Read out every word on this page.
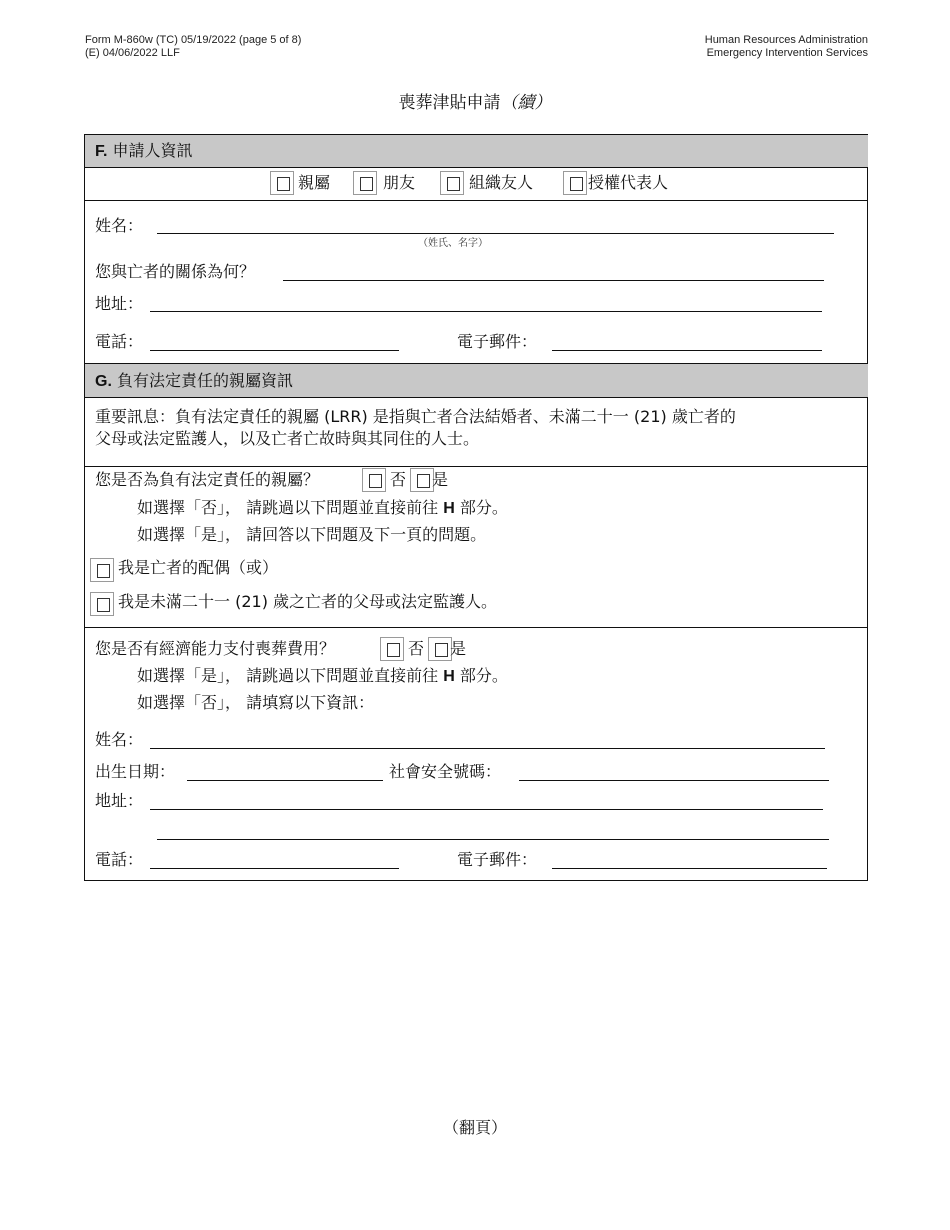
Form M-860w (TC) 05/19/2022 (page 5 of 8)
(E) 04/06/2022 LLF
Human Resources Administration
Emergency Intervention Services
喪葬津貼申請（續）
F. 申請人資訊
親屬	朋友	組織友人	授權代表人
姓名：
（姓氏、名字）
您與亡者的關係為何？
地址：
電話：	電子郵件：
G. 負有法定責任的親屬資訊
重要訊息：負有法定責任的親屬 (LRR) 是指與亡者合法結婚者、未滿二十一 (21) 歲亡者的
父母或法定監護人，以及亡者亡故時與其同住的人士。
您是否為負有法定責任的親屬？	否 是
如選擇「否」， 請跳過以下問題並直接前往 H 部分。
如選擇「是」， 請回答以下問題及下一頁的問題。
我是亡者的配偶（或）
我是未滿二十一 (21) 歲之亡者的父母或法定監護人。
您是否有經濟能力支付喪葬費用？	否 是
如選擇「是」， 請跳過以下問題並直接前往 H 部分。
如選擇「否」， 請填寫以下資訊：
姓名：
出生日期：	社會安全號碼：
地址：
電話：	電子郵件：
（翻頁）
